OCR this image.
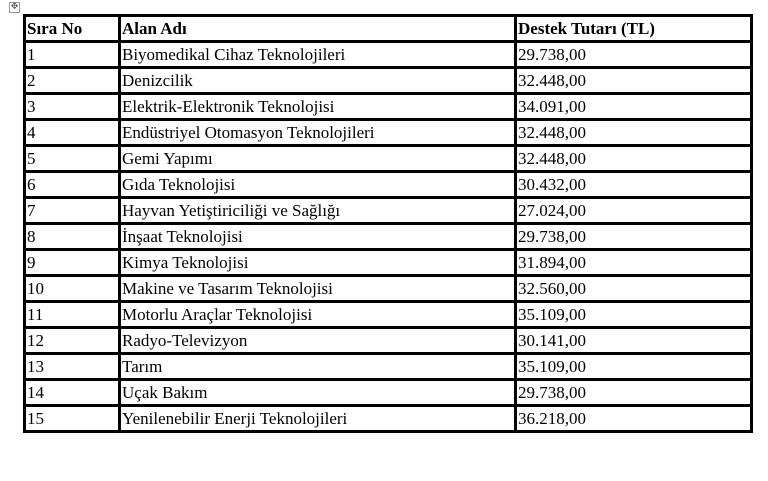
✥
Sıra No	Alan Adı	Destek Tutarı (TL)
1	Biyomedikal Cihaz Teknolojileri	29.738,00
2	Denizcilik	32.448,00
3	Elektrik-Elektronik Teknolojisi	34.091,00
4	Endüstriyel Otomasyon Teknolojileri	32.448,00
5	Gemi Yapımı	32.448,00
6	Gıda Teknolojisi	30.432,00
7	Hayvan Yetiştiriciliği ve Sağlığı	27.024,00
8	İnşaat Teknolojisi	29.738,00
9	Kimya Teknolojisi	31.894,00
10	Makine ve Tasarım Teknolojisi	32.560,00
11	Motorlu Araçlar Teknolojisi	35.109,00
12	Radyo-Televizyon	30.141,00
13	Tarım	35.109,00
14	Uçak Bakım	29.738,00
15	Yenilenebilir Enerji Teknolojileri	36.218,00
